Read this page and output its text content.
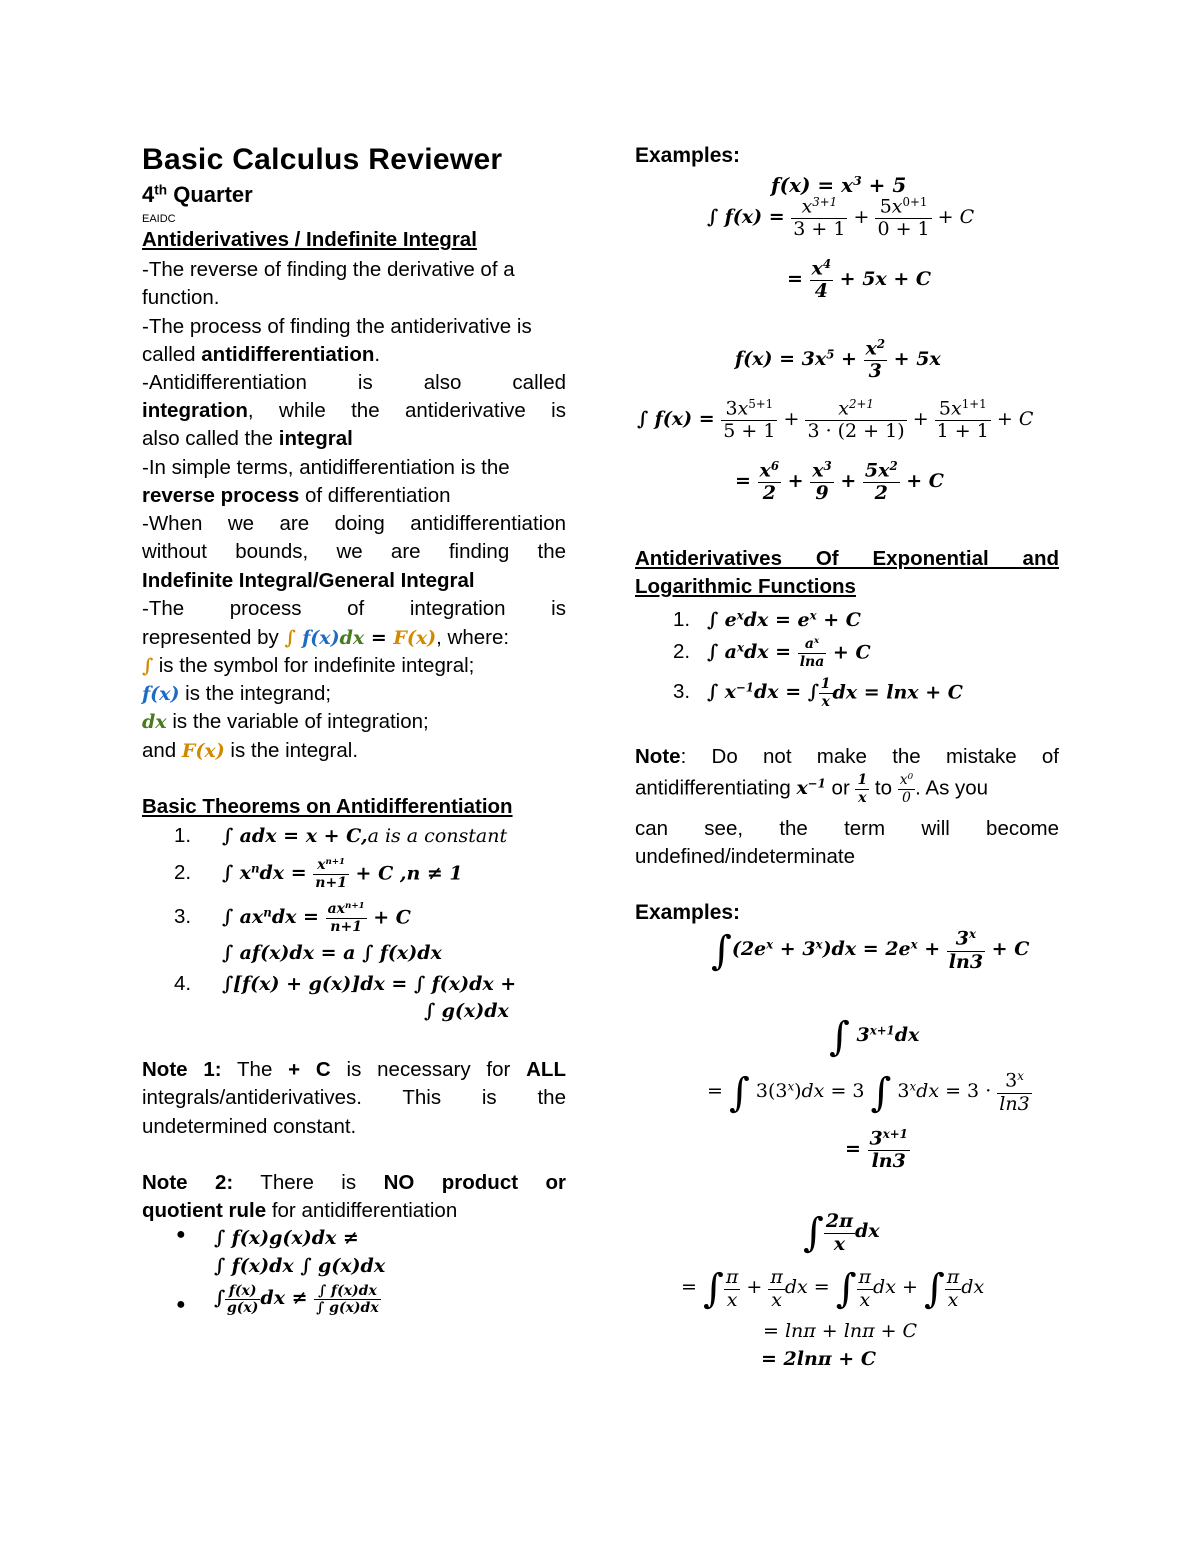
Basic Calculus Reviewer
4th Quarter
EAIDC
Antiderivatives / Indefinite Integral
-The reverse of finding the derivative of a function.
-The process of finding the antiderivative is called antidifferentiation.
-Antidifferentiation is also called
integration, while the antiderivative is
also called the integral
-In simple terms, antidifferentiation is the
reverse process of differentiation
-When we are doing antidifferentiation
without bounds, we are finding the
Indefinite Integral/General Integral
-The process of integration is
represented by ∫ f(x)dx = F(x), where:
∫ is the symbol for indefinite integral;
f(x) is the integrand;
dx is the variable of integration;
and F(x) is the integral.
Basic Theorems on Antidifferentiation
1. ∫ adx = x + C,a is a constant
2. ∫ $x^ndx = \frac{x^{n+1}}{n+1} + C$ ,n ≠ 1
3. ∫ $ax^ndx = \frac{ax^{n+1}}{n+1} + C$
∫ af(x)dx = a ∫ f(x)dx
4. ∫[f(x) + g(x)]dx = ∫ f(x)dx +
∫ g(x)dx
Note 1: The + C is necessary for ALL
integrals/antiderivatives. This is the
undetermined constant.
Note 2: There is NO product or
quotient rule for antidifferentiation
● ∫ f(x)g(x)dx ≠
∫ f(x)dx ∫ g(x)dx
● ∫ $\frac{f(x)}{g(x)}$ dx ≠ $\frac{\int f(x)dx}{\int g(x)dx}$
Examples:
$f(x) = x^3 + 5$
∫ $f(x) = \frac{x^{3+1}}{3 + 1} + \frac{5x^{0+1}}{0 + 1} + C$
= $\frac{x^4}{4} + 5x + C$
$f(x) = 3x^5 + \frac{x^2}{3} + 5x$
∫ $f(x) = \frac{3x^{5+1}}{5 + 1} + \frac{x^{2+1}}{3 \cdot (2 + 1)} + \frac{5x^{1+1}}{1 + 1} + C$
= $\frac{x^6}{2} + \frac{x^3}{9} + \frac{5x^2}{2} + C$
Antiderivatives Of Exponential and
Logarithmic Functions
1. ∫ $e^xdx = e^x + C$
2. ∫ $a^xdx = \frac{a^x}{\ln a} + C$
3. ∫ $x^{-1}dx$ = ∫ $\frac{1}{x}$ dx = lnx + C
Note: Do not make the mistake of
antidifferentiating $x^{-1}$ or $\frac{1}{x}$ to $\frac{x^0}{0}$ . As you
can see, the term will become
undefined/indeterminate
Examples:
$\int(2e^x + 3^x)dx = 2e^x + \frac{3^x}{\ln 3} + C$
∫ $3^{x+1}dx$
= ∫ $3(3^x)dx = 3$ ∫ $3^xdx = 3 \cdot \frac{3^x}{\ln 3}$
= $\frac{3^{x+1}}{\ln 3}$
∫ $\frac{2\pi}{x}$ dx
= ∫ $\frac{\pi}{x} + \frac{\pi}{x}$ dx = ∫ $\frac{\pi}{x}$ dx + ∫ $\frac{\pi}{x}$ dx
= lnπ + lnπ + C
= 2lnπ + C
